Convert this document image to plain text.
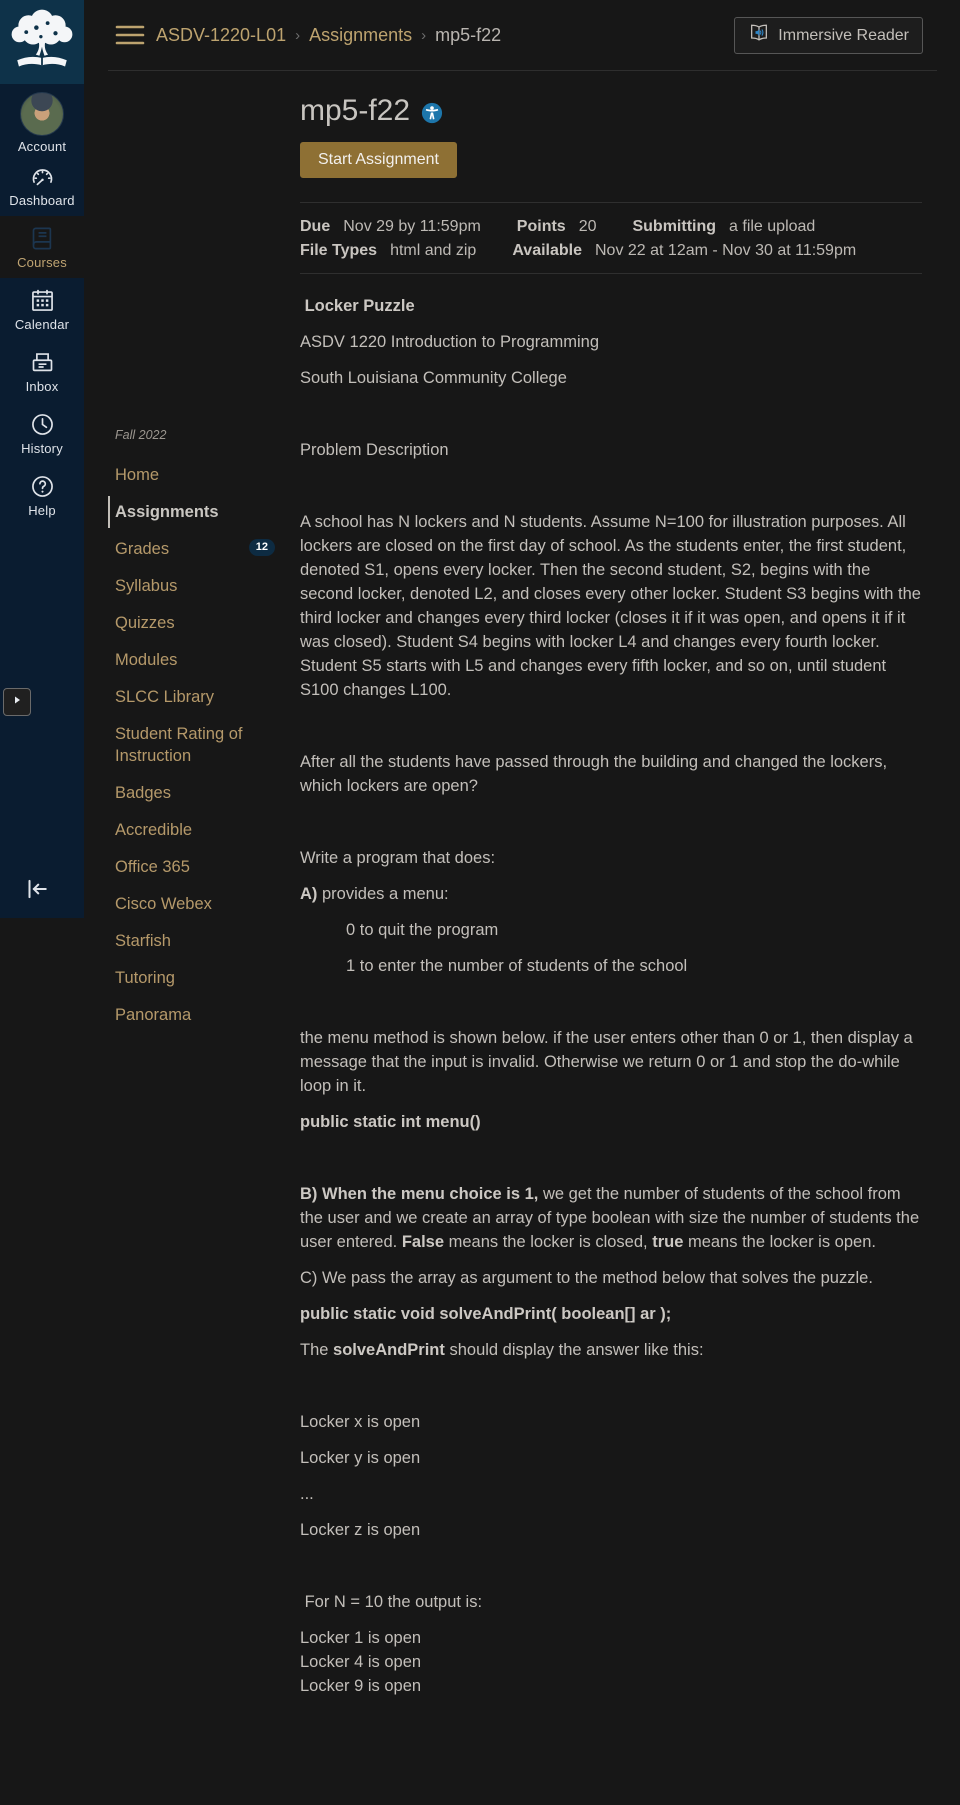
Account
Dashboard
Courses
Calendar
Inbox
History
Help
ASDV-1220-L01 › Assignments › mp5-f22	Immersive Reader
Fall 2022
Home
Assignments
Grades	12
Syllabus
Quizzes
Modules
SLCC Library
Student Rating of Instruction
Badges
Accredible
Office 365
Cisco Webex
Starfish
Tutoring
Panorama
mp5-f22
Start Assignment
Due Nov 29 by 11:59pm Points 20 Submitting a file upload
File Types html and zip Available Nov 22 at 12am - Nov 30 at 11:59pm

Locker Puzzle

ASDV 1220 Introduction to Programming

South Louisiana Community College

Problem Description

A school has N lockers and N students. Assume N=100 for illustration purposes. All lockers are closed on the first day of school. As the students enter, the first student, denoted S1, opens every locker. Then the second student, S2, begins with the second locker, denoted L2, and closes every other locker. Student S3 begins with the third locker and changes every third locker (closes it if it was open, and opens it if it was closed). Student S4 begins with locker L4 and changes every fourth locker. Student S5 starts with L5 and changes every fifth locker, and so on, until student S100 changes L100.

After all the students have passed through the building and changed the lockers, which lockers are open?

Write a program that does:

A) provides a menu:

0 to quit the program

1 to enter the number of students of the school

the menu method is shown below. if the user enters other than 0 or 1, then display a message that the input is invalid. Otherwise we return 0 or 1 and stop the do-while loop in it.

public static int menu()

B) When the menu choice is 1, we get the number of students of the school from the user and we create an array of type boolean with size the number of students the user entered. False means the locker is closed, true means the locker is open.

C) We pass the array as argument to the method below that solves the puzzle.

public static void solveAndPrint( boolean[] ar );

The solveAndPrint should display the answer like this:

Locker x is open

Locker y is open

...

Locker z is open

For N = 10 the output is:

Locker 1 is open
Locker 4 is open
Locker 9 is open
